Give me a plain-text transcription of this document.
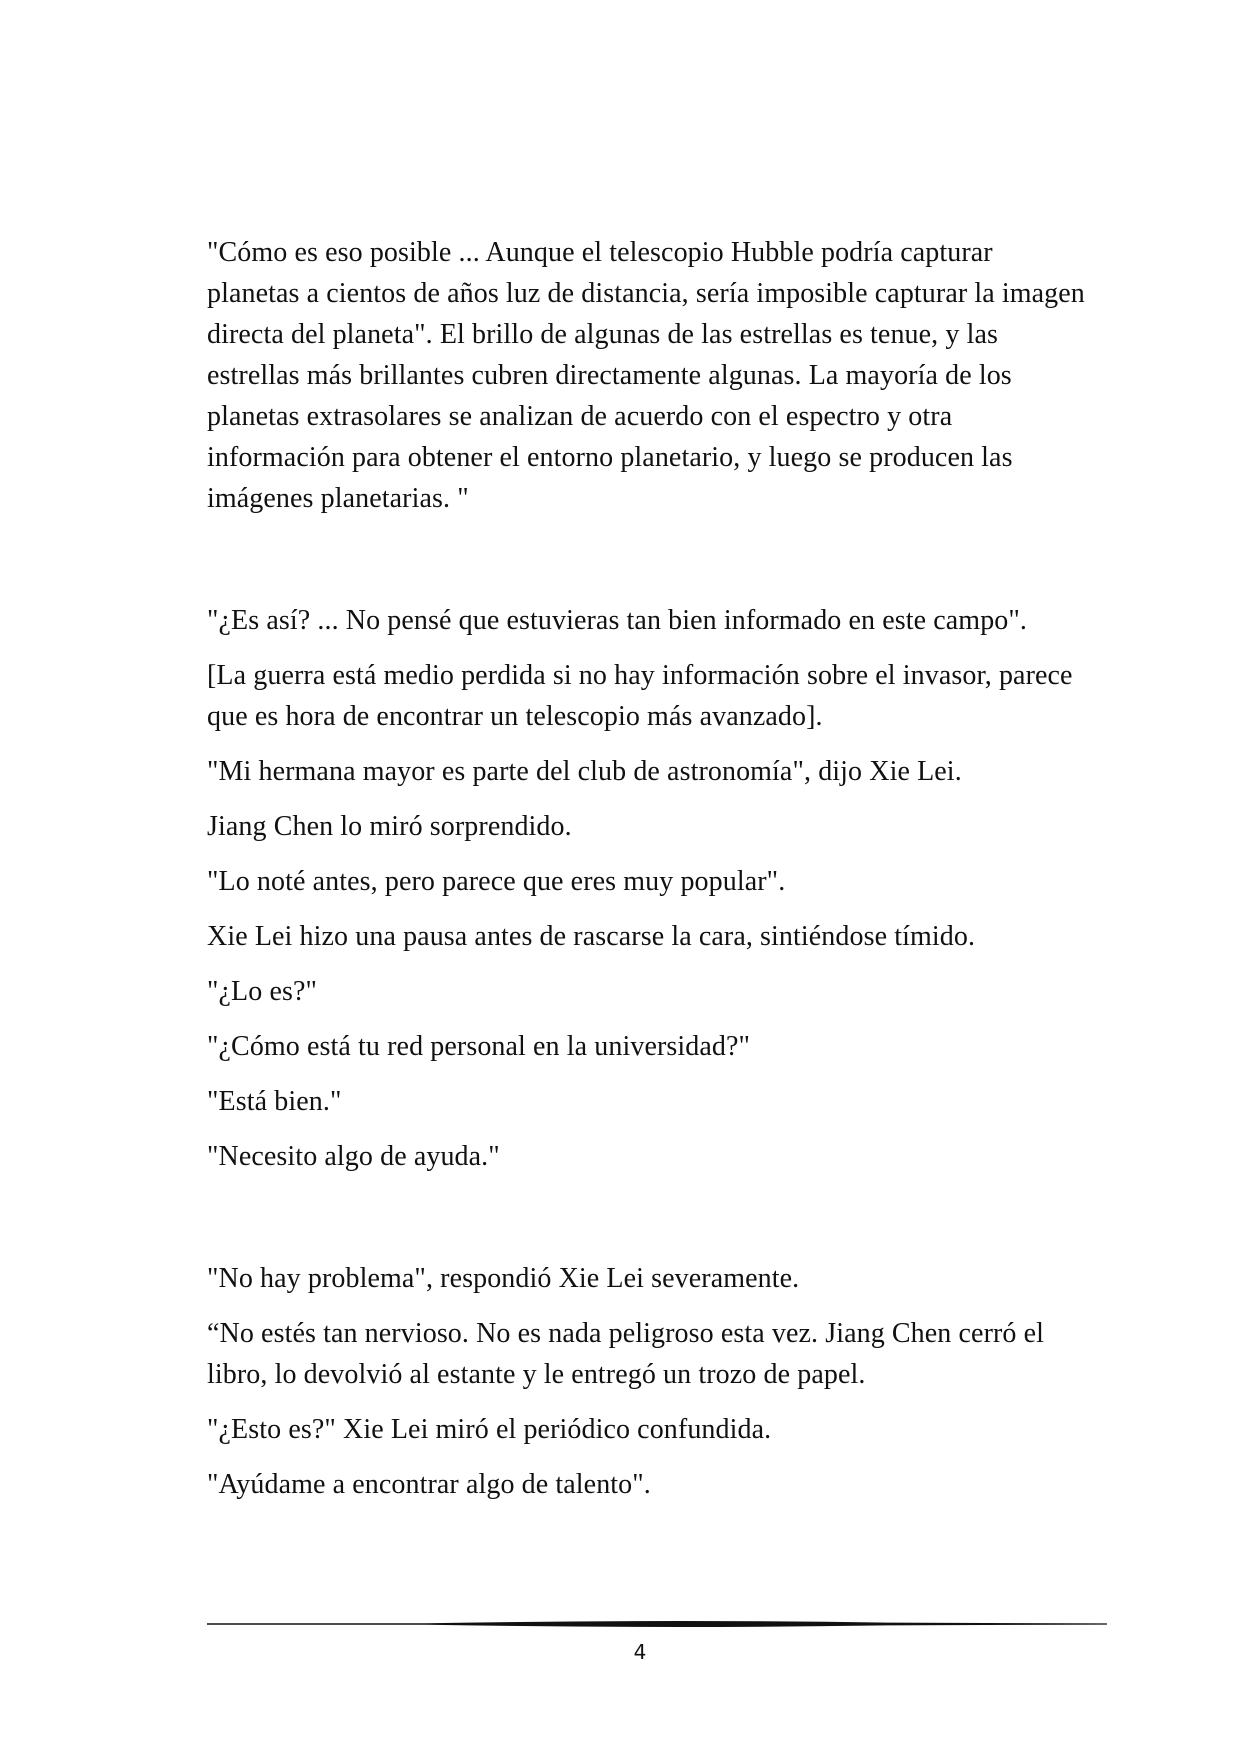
"Cómo es eso posible ... Aunque el telescopio Hubble podría capturar planetas a cientos de años luz de distancia, sería imposible capturar la imagen directa del planeta". El brillo de algunas de las estrellas es tenue, y las estrellas más brillantes cubren directamente algunas. La mayoría de los planetas extrasolares se analizan de acuerdo con el espectro y otra información para obtener el entorno planetario, y luego se producen las imágenes planetarias. "

"¿Es así? ... No pensé que estuvieras tan bien informado en este campo".

[La guerra está medio perdida si no hay información sobre el invasor, parece que es hora de encontrar un telescopio más avanzado].

"Mi hermana mayor es parte del club de astronomía", dijo Xie Lei.

Jiang Chen lo miró sorprendido.

"Lo noté antes, pero parece que eres muy popular".

Xie Lei hizo una pausa antes de rascarse la cara, sintiéndose tímido.

"¿Lo es?"

"¿Cómo está tu red personal en la universidad?"

"Está bien."

"Necesito algo de ayuda."

"No hay problema", respondió Xie Lei severamente.

“No estés tan nervioso. No es nada peligroso esta vez. Jiang Chen cerró el libro, lo devolvió al estante y le entregó un trozo de papel.

"¿Esto es?" Xie Lei miró el periódico confundida.

"Ayúdame a encontrar algo de talento".

4
